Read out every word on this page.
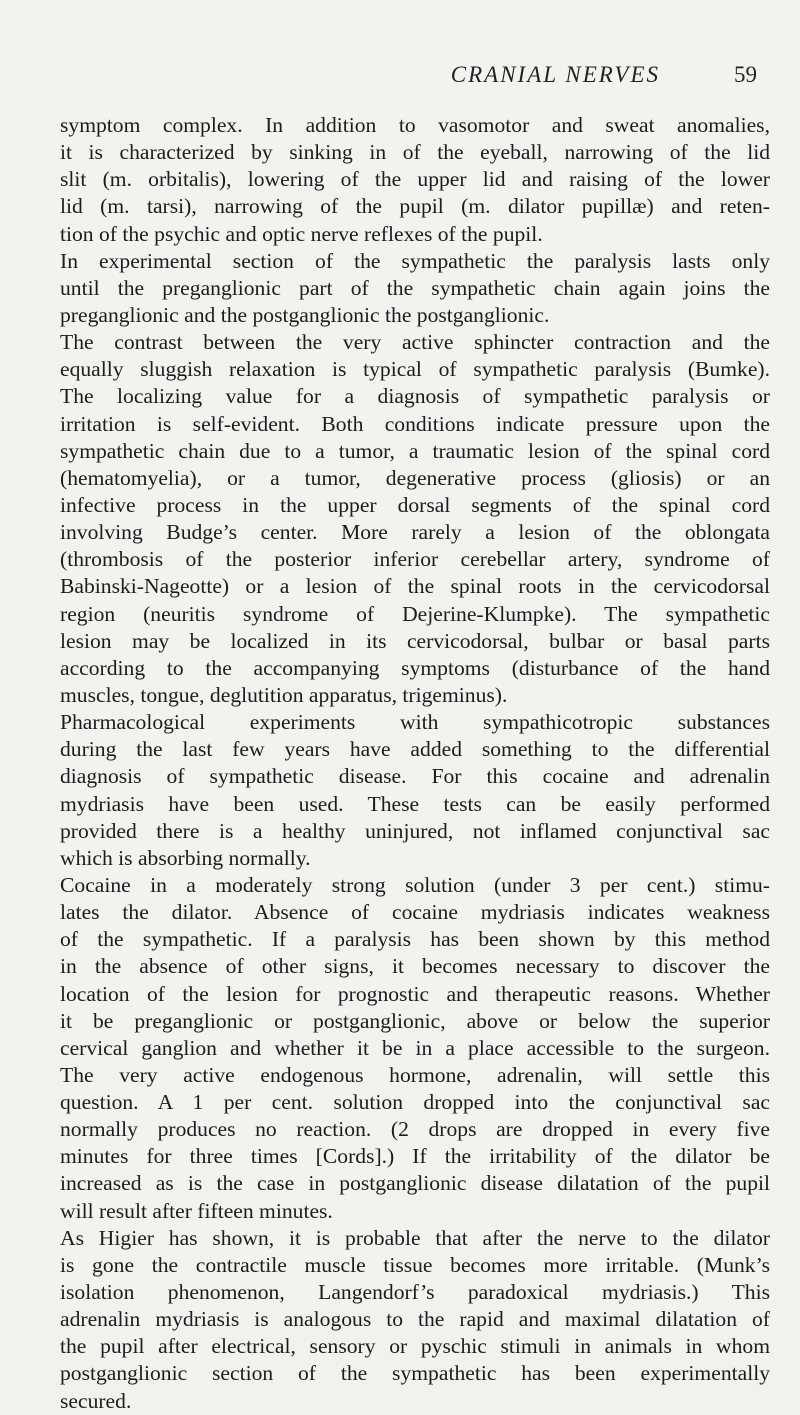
CRANIAL NERVES	59
symptom complex. In addition to vasomotor and sweat anomalies,
it is characterized by sinking in of the eyeball, narrowing of the lid
slit (m. orbitalis), lowering of the upper lid and raising of the lower
lid (m. tarsi), narrowing of the pupil (m. dilator pupillæ) and reten-
tion of the psychic and optic nerve reflexes of the pupil.
In experimental section of the sympathetic the paralysis lasts only
until the preganglionic part of the sympathetic chain again joins the
preganglionic and the postganglionic the postganglionic.
The contrast between the very active sphincter contraction and the
equally sluggish relaxation is typical of sympathetic paralysis (Bumke).
The localizing value for a diagnosis of sympathetic paralysis or
irritation is self-evident. Both conditions indicate pressure upon the
sympathetic chain due to a tumor, a traumatic lesion of the spinal cord
(hematomyelia), or a tumor, degenerative process (gliosis) or an
infective process in the upper dorsal segments of the spinal cord
involving Budge’s center. More rarely a lesion of the oblongata
(thrombosis of the posterior inferior cerebellar artery, syndrome of
Babinski-Nageotte) or a lesion of the spinal roots in the cervicodorsal
region (neuritis syndrome of Dejerine-Klumpke). The sympathetic
lesion may be localized in its cervicodorsal, bulbar or basal parts
according to the accompanying symptoms (disturbance of the hand
muscles, tongue, deglutition apparatus, trigeminus).
Pharmacological experiments with sympathicotropic substances
during the last few years have added something to the differential
diagnosis of sympathetic disease. For this cocaine and adrenalin
mydriasis have been used. These tests can be easily performed
provided there is a healthy uninjured, not inflamed conjunctival sac
which is absorbing normally.
Cocaine in a moderately strong solution (under 3 per cent.) stimu-
lates the dilator. Absence of cocaine mydriasis indicates weakness
of the sympathetic. If a paralysis has been shown by this method
in the absence of other signs, it becomes necessary to discover the
location of the lesion for prognostic and therapeutic reasons. Whether
it be preganglionic or postganglionic, above or below the superior
cervical ganglion and whether it be in a place accessible to the surgeon.
The very active endogenous hormone, adrenalin, will settle this
question. A 1 per cent. solution dropped into the conjunctival sac
normally produces no reaction. (2 drops are dropped in every five
minutes for three times [Cords].) If the irritability of the dilator be
increased as is the case in postganglionic disease dilatation of the pupil
will result after fifteen minutes.
As Higier has shown, it is probable that after the nerve to the dilator
is gone the contractile muscle tissue becomes more irritable. (Munk’s
isolation phenomenon, Langendorf’s paradoxical mydriasis.) This
adrenalin mydriasis is analogous to the rapid and maximal dilatation of
the pupil after electrical, sensory or pyschic stimuli in animals in whom
postganglionic section of the sympathetic has been experimentally
secured.
